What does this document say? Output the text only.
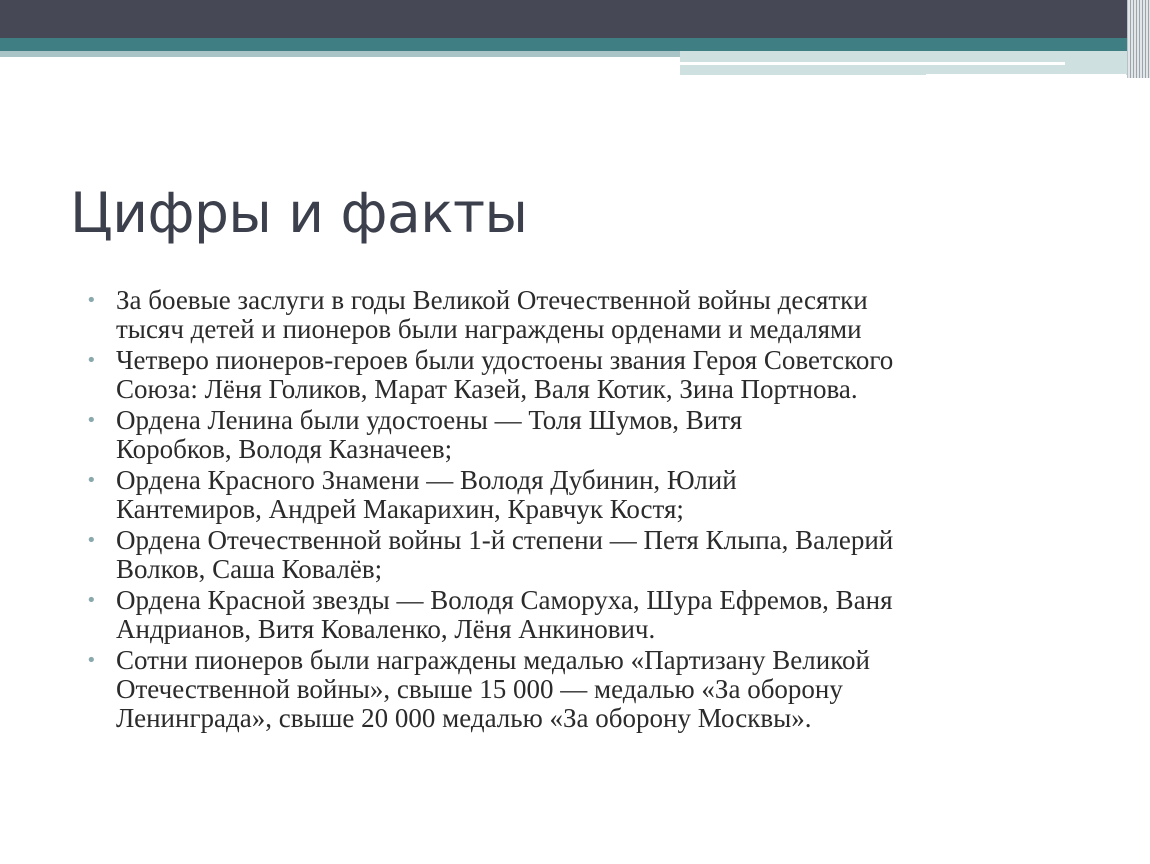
Цифры и факты
• За боевые заслуги в годы Великой Отечественной войны десятки
тысяч детей и пионеров были награждены орденами и медалями
• Четверо пионеров-героев были удостоены звания Героя Советского
Союза: Лёня Голиков, Марат Казей, Валя Котик, Зина Портнова.
• Ордена Ленина были удостоены — Толя Шумов, Витя
Коробков, Володя Казначеев;
• Ордена Красного Знамени — Володя Дубинин, Юлий
Кантемиров, Андрей Макарихин, Кравчук Костя;
• Ордена Отечественной войны 1-й степени — Петя Клыпа, Валерий
Волков, Саша Ковалёв;
• Ордена Красной звезды — Володя Саморуха, Шура Ефремов, Ваня
Андрианов, Витя Коваленко, Лёня Анкинович.
• Сотни пионеров были награждены медалью «Партизану Великой
Отечественной войны», свыше 15 000 — медалью «За оборону
Ленинграда», свыше 20 000 медалью «За оборону Москвы».
